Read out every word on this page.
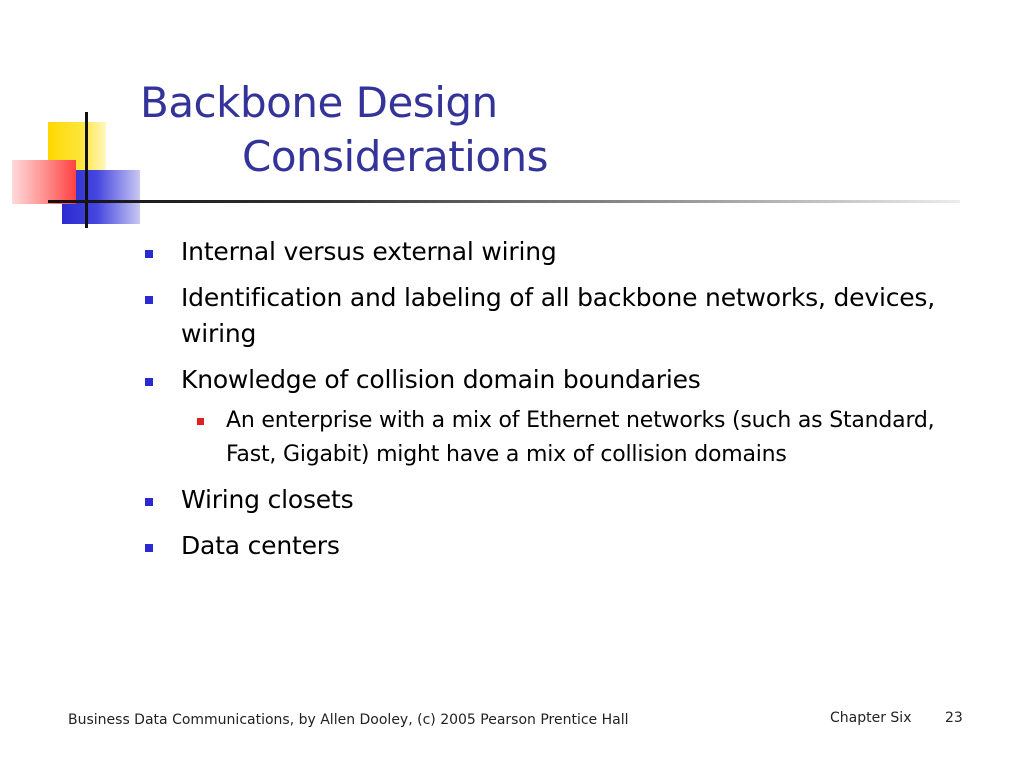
Backbone Design
Considerations
Internal versus external wiring
Identification and labeling of all backbone networks, devices, wiring
Knowledge of collision domain boundaries
An enterprise with a mix of Ethernet networks (such as Standard, Fast, Gigabit) might have a mix of collision domains
Wiring closets
Data centers
Business Data Communications, by Allen Dooley, (c) 2005 Pearson Prentice Hall	Chapter Six 23
